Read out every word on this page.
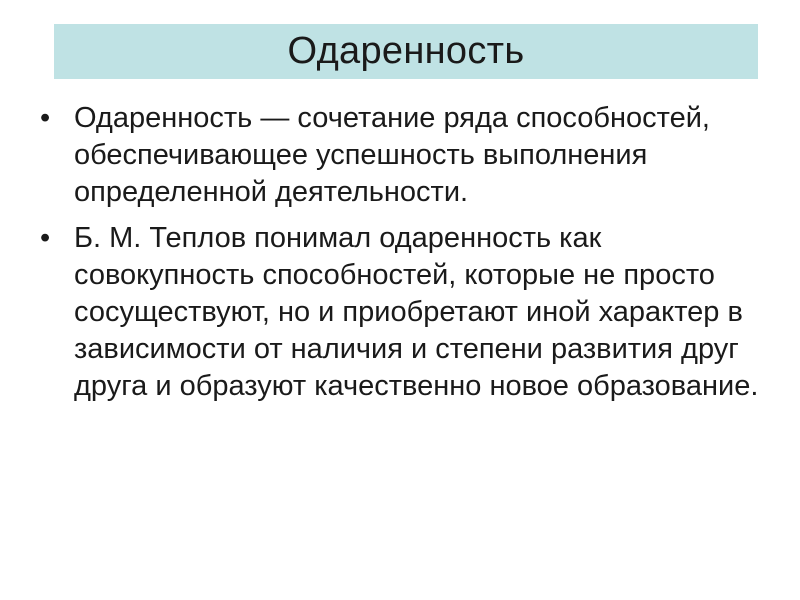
Одаренность
• Одаренность — сочетание ряда способностей, обеспечивающее успешность выполнения определенной деятельности.
• Б. М. Теплов понимал одаренность как совокупность способностей, которые не просто сосуществуют, но и приобретают иной характер в зависимости от наличия и степени развития друг друга и образуют качественно новое образование.
